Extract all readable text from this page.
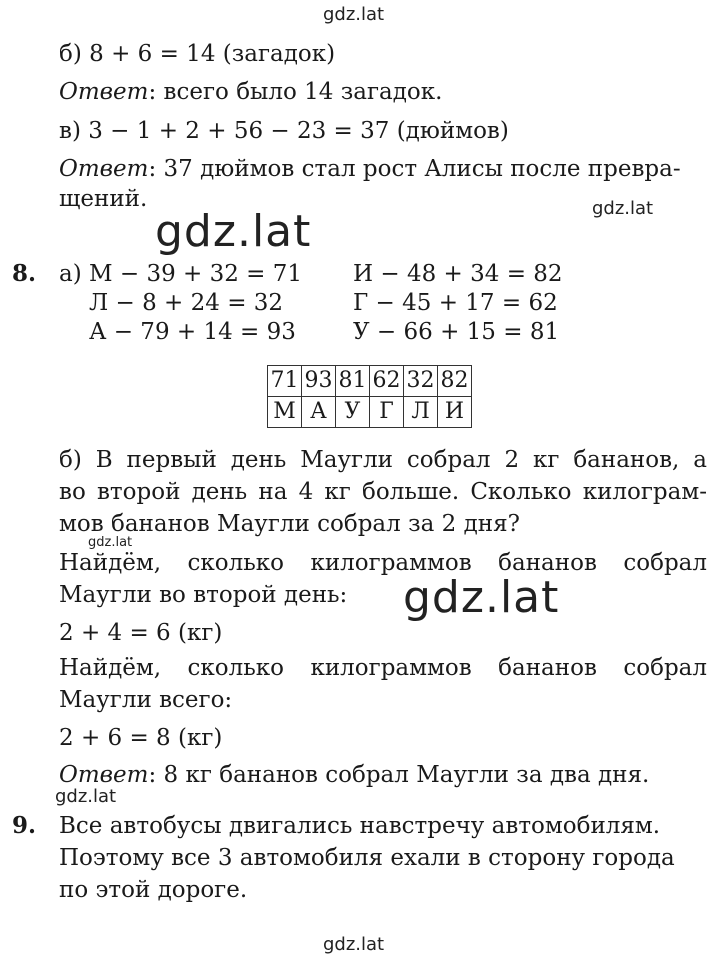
gdz.lat
gdz.lat
gdz.lat
gdz.lat
gdz.lat
gdz.lat
gdz.lat
б) 8 + 6 = 14 (загадок)
Ответ: всего было 14 загадок.
в) 3 − 1 + 2 + 56 − 23 = 37 (дюймов)
Ответ: 37 дюймов стал рост Алисы после превра-
щений.
8. а) М − 39 + 32 = 71
Л − 8 + 24 = 32
А − 79 + 14 = 93
И − 48 + 34 = 82
Г − 45 + 17 = 62
У − 66 + 15 = 81
71	93	81	62	32	82
М	А	У	Г	Л	И
б) В первый день Маугли собрал 2 кг бананов, а
во второй день на 4 кг больше. Сколько килограм-
мов бананов Маугли собрал за 2 дня?
Найдём, сколько килограммов бананов собрал
Маугли во второй день:
2 + 4 = 6 (кг)
Найдём, сколько килограммов бананов собрал
Маугли всего:
2 + 6 = 8 (кг)
Ответ: 8 кг бананов собрал Маугли за два дня.
9. Все автобусы двигались навстречу автомобилям.
Поэтому все 3 автомобиля ехали в сторону города
по этой дороге.
